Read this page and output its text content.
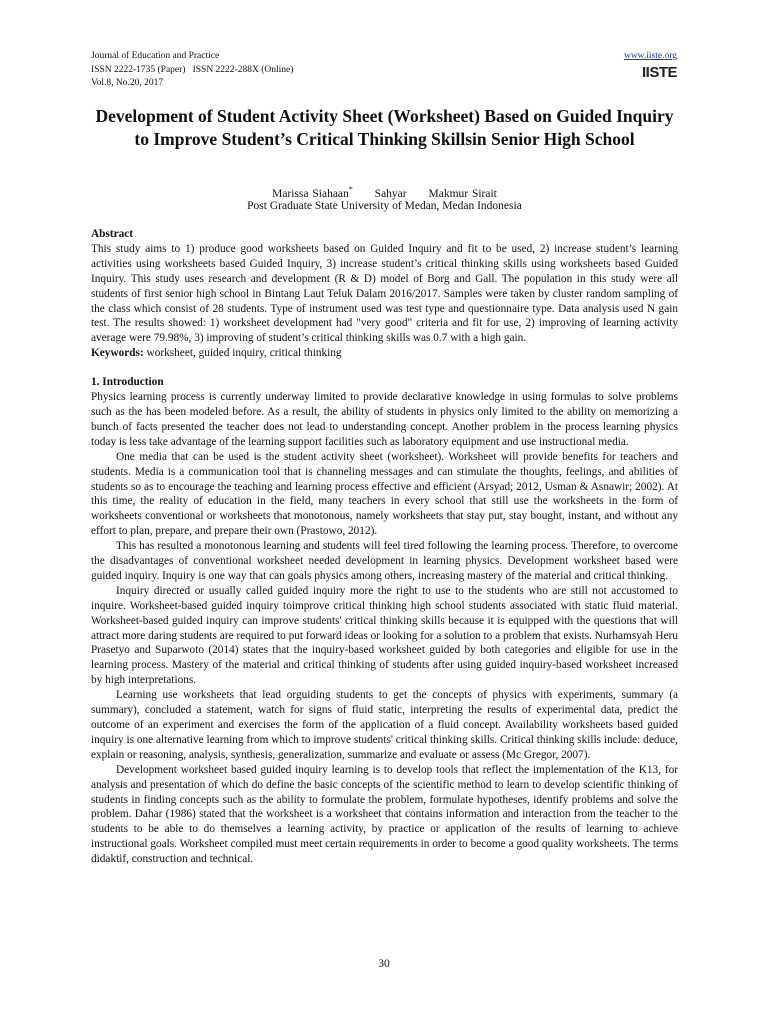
Journal of Education and Practice
ISSN 2222-1735 (Paper)   ISSN 2222-288X (Online)
Vol.8, No.20, 2017
www.iiste.org
IISTE
Development of Student Activity Sheet (Worksheet) Based on Guided Inquiry to Improve Student’s Critical Thinking Skillsin Senior High School
Marissa Siahaan* Sahyar Makmur Sirait
Post Graduate State University of Medan, Medan Indonesia

Abstract

This study aims to 1) produce good worksheets based on Guided Inquiry and fit to be used, 2) increase student’s learning activities using worksheets based Guided Inquiry, 3) increase student’s critical thinking skills using worksheets based Guided Inquiry. This study uses research and development (R & D) model of Borg and Gall. The population in this study were all students of first senior high school in Bintang Laut Teluk Dalam 2016/2017. Samples were taken by cluster random sampling of the class which consist of 28 students. Type of instrument used was test type and questionnaire type. Data analysis used N gain test. The results showed: 1) worksheet development had "very good" criteria and fit for use, 2) improving of learning activity average were 79.98%, 3) improving of student’s critical thinking skills was 0.7 with a high gain.

Keywords: worksheet, guided inquiry, critical thinking

1. Introduction

Physics learning process is currently underway limited to provide declarative knowledge in using formulas to solve problems such as the has been modeled before. As a result, the ability of students in physics only limited to the ability on memorizing a bunch of facts presented the teacher does not lead to understanding concept. Another problem in the process learning physics today is less take advantage of the learning support facilities such as laboratory equipment and use instructional media.

One media that can be used is the student activity sheet (worksheet). Worksheet will provide benefits for teachers and students. Media is a communication tool that is channeling messages and can stimulate the thoughts, feelings, and abilities of students so as to encourage the teaching and learning process effective and efficient (Arsyad; 2012, Usman & Asnawir; 2002). At this time, the reality of education in the field, many teachers in every school that still use the worksheets in the form of worksheets conventional or worksheets that monotonous, namely worksheets that stay put, stay bought, instant, and without any effort to plan, prepare, and prepare their own (Prastowo, 2012).

This has resulted a monotonous learning and students will feel tired following the learning process. Therefore, to overcome the disadvantages of conventional worksheet needed development in learning physics. Development worksheet based were guided inquiry. Inquiry is one way that can goals physics among others, increasing mastery of the material and critical thinking.

Inquiry directed or usually called guided inquiry more the right to use to the students who are still not accustomed to inquire. Worksheet-based guided inquiry toimprove critical thinking high school students associated with static fluid material. Worksheet-based guided inquiry can improve students' critical thinking skills because it is equipped with the questions that will attract more daring students are required to put forward ideas or looking for a solution to a problem that exists. Nurhamsyah Heru Prasetyo and Suparwoto (2014) states that the inquiry-based worksheet guided by both categories and eligible for use in the learning process. Mastery of the material and critical thinking of students after using guided inquiry-based worksheet increased by high interpretations.

Learning use worksheets that lead orguiding students to get the concepts of physics with experiments, summary (a summary), concluded a statement, watch for signs of fluid static, interpreting the results of experimental data, predict the outcome of an experiment and exercises the form of the application of a fluid concept. Availability worksheets based guided inquiry is one alternative learning from which to improve students' critical thinking skills. Critical thinking skills include: deduce, explain or reasoning, analysis, synthesis, generalization, summarize and evaluate or assess (Mc Gregor, 2007).

Development worksheet based guided inquiry learning is to develop tools that reflect the implementation of the K13, for analysis and presentation of which do define the basic concepts of the scientific method to learn to develop scientific thinking of students in finding concepts such as the ability to formulate the problem, formulate hypotheses, identify problems and solve the problem. Dahar (1986) stated that the worksheet is a worksheet that contains information and interaction from the teacher to the students to be able to do themselves a learning activity, by practice or application of the results of learning to achieve instructional goals. Worksheet compiled must meet certain requirements in order to become a good quality worksheets. The terms didaktif, construction and technical.

30
